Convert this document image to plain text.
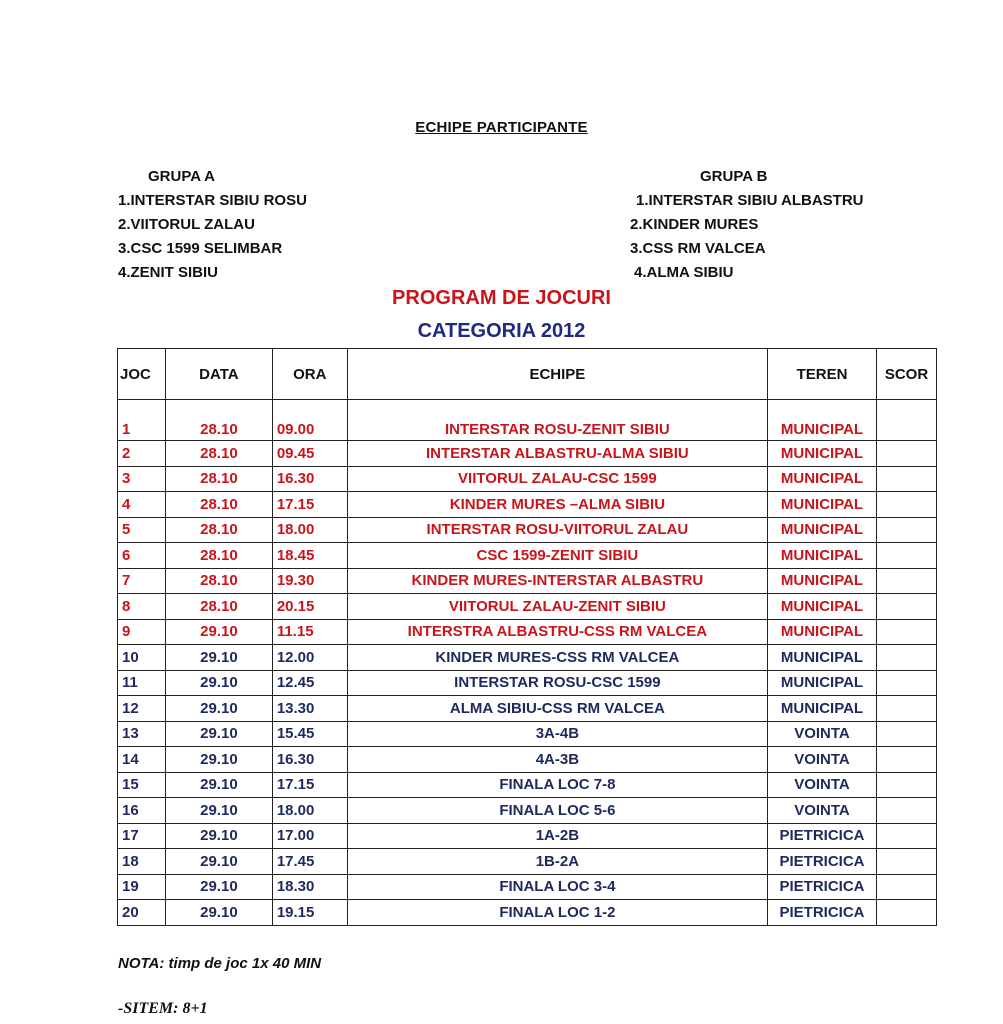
ECHIPE PARTICIPANTE
GRUPA A
1.INTERSTAR SIBIU ROSU
2.VIITORUL ZALAU
3.CSC 1599 SELIMBAR
4.ZENIT SIBIU
GRUPA B
1.INTERSTAR SIBIU ALBASTRU
2.KINDER MURES
3.CSS RM VALCEA
4.ALMA SIBIU
PROGRAM DE JOCURI
CATEGORIA 2012
JOC	DATA	ORA	ECHIPE	TEREN	SCOR
1	28.10	09.00	INTERSTAR ROSU-ZENIT SIBIU	MUNICIPAL	
2	28.10	09.45	INTERSTAR ALBASTRU-ALMA SIBIU	MUNICIPAL	
3	28.10	16.30	VIITORUL ZALAU-CSC 1599	MUNICIPAL	
4	28.10	17.15	KINDER MURES –ALMA SIBIU	MUNICIPAL	
5	28.10	18.00	INTERSTAR ROSU-VIITORUL ZALAU	MUNICIPAL	
6	28.10	18.45	CSC 1599-ZENIT SIBIU	MUNICIPAL	
7	28.10	19.30	KINDER MURES-INTERSTAR ALBASTRU	MUNICIPAL	
8	28.10	20.15	VIITORUL ZALAU-ZENIT SIBIU	MUNICIPAL	
9	29.10	11.15	INTERSTRA ALBASTRU-CSS RM VALCEA	MUNICIPAL	
10	29.10	12.00	KINDER MURES-CSS RM VALCEA	MUNICIPAL	
11	29.10	12.45	INTERSTAR ROSU-CSC 1599	MUNICIPAL	
12	29.10	13.30	ALMA SIBIU-CSS RM VALCEA	MUNICIPAL	
13	29.10	15.45	3A-4B	VOINTA	
14	29.10	16.30	4A-3B	VOINTA	
15	29.10	17.15	FINALA LOC 7-8	VOINTA	
16	29.10	18.00	FINALA LOC 5-6	VOINTA	
17	29.10	17.00	1A-2B	PIETRICICA	
18	29.10	17.45	1B-2A	PIETRICICA	
19	29.10	18.30	FINALA LOC 3-4	PIETRICICA	
20	29.10	19.15	FINALA LOC 1-2	PIETRICICA	
NOTA: timp de joc 1x 40 MIN
-SITEM: 8+1
